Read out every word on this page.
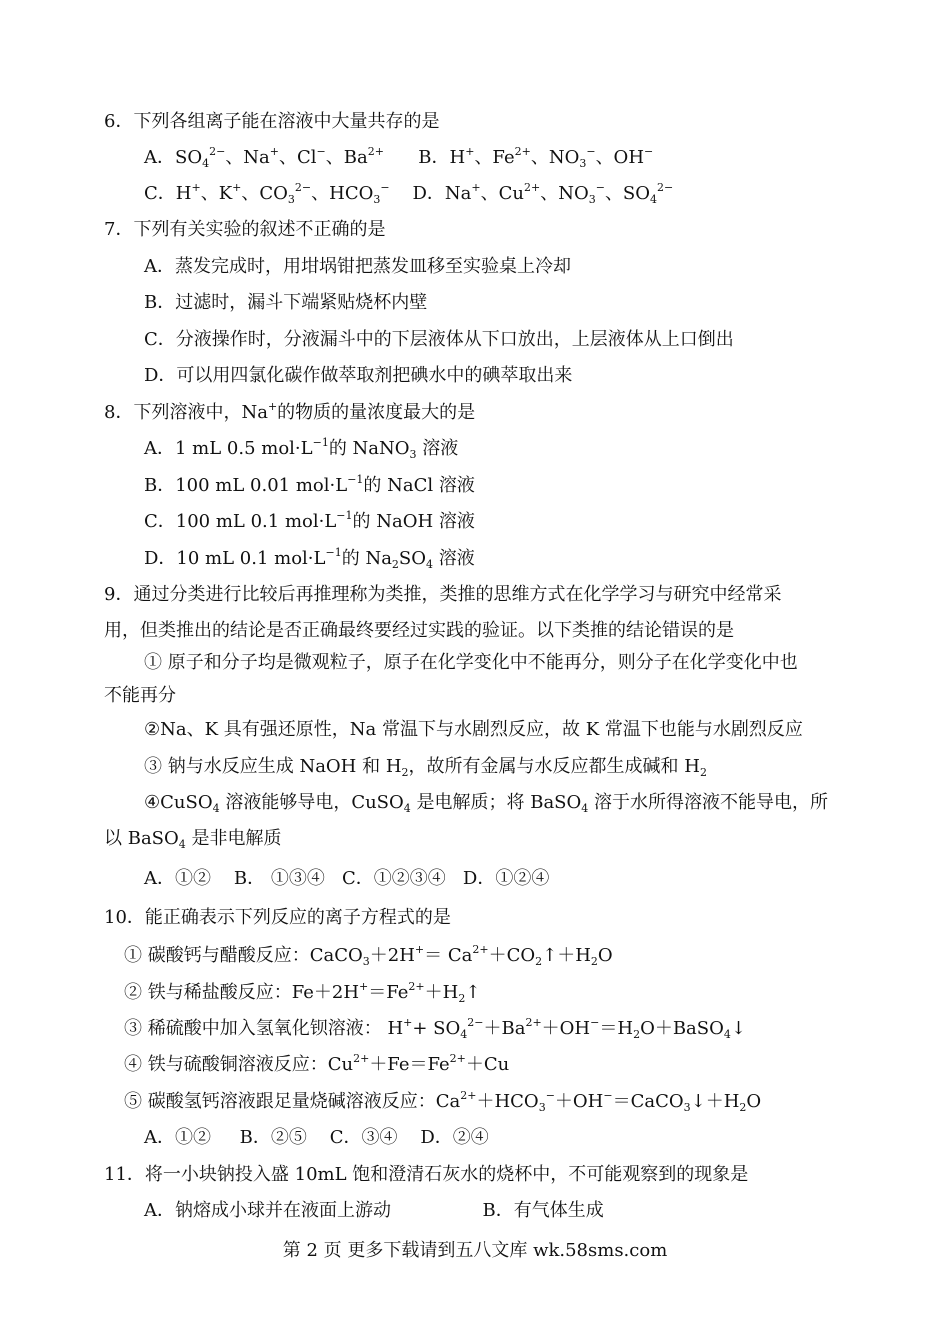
6．下列各组离子能在溶液中大量共存的是
A．$SO_4^{2-}$、Na+、Cl−、$Ba^{2+}$      B．H+、$Fe^{2+}$、$NO_3^-$、OH−
C．H+、K+、$CO_3^{2-}$、$HCO_3^-$    D．Na+、$Cu^{2+}$、$NO_3^-$、$SO_4^{2-}$
7．下列有关实验的叙述不正确的是
A．蒸发完成时，用坩埚钳把蒸发皿移至实验桌上冷却
B．过滤时，漏斗下端紧贴烧杯内壁
C．分液操作时，分液漏斗中的下层液体从下口放出，上层液体从上口倒出
D．可以用四氯化碳作做萃取剂把碘水中的碘萃取出来
8．下列溶液中，Na+的物质的量浓度最大的是
A．1 mL 0.5 $mol\cdot L^{-1}$的 NaNO$_3$ 溶液
B．100 mL 0.01 $mol\cdot L^{-1}$的 NaCl 溶液
C．100 mL 0.1 $mol\cdot L^{-1}$的 NaOH 溶液
D．10 mL 0.1 $mol\cdot L^{-1}$的 $Na_2SO_4$ 溶液
9．通过分类进行比较后再推理称为类推，类推的思维方式在化学学习与研究中经常采
用，但类推出的结论是否正确最终要经过实践的验证。以下类推的结论错误的是
① 原子和分子均是微观粒子，原子在化学变化中不能再分，则分子在化学变化中也
不能再分
②Na、K 具有强还原性，Na 常温下与水剧烈反应，故 K 常温下也能与水剧烈反应
③ 钠与水反应生成 NaOH 和 $H_2$，故所有金属与水反应都生成碱和 $H_2$
④CuSO$_4$ 溶液能够导电，CuSO$_4$ 是电解质；将 BaSO$_4$ 溶于水所得溶液不能导电，所
以 BaSO$_4$ 是非电解质
A．①②    B． ①③④   C．①②③④   D．①②④
10．能正确表示下列反应的离子方程式的是
① 碳酸钙与醋酸反应：CaCO$_3$＋2H+＝ $Ca^{2+}+CO_2↑+H_2O$
② 铁与稀盐酸反应：$Fe+2H^+=Fe^{2+}+H_2↑$
③ 稀硫酸中加入氢氧化钡溶液： $H^++ SO_4^{2-}+Ba^{2+}+OH^-=H_2O+BaSO_4↓$
④ 铁与硫酸铜溶液反应：$Cu^{2+}+Fe=Fe^{2+}+Cu$
⑤ 碳酸氢钙溶液跟足量烧碱溶液反应：$Ca^{2+}+HCO_3^-+OH^-=CaCO_3↓+H_2O$
A．①②     B．②⑤    C．③④    D．②④
11．将一小块钠投入盛 10mL 饱和澄清石灰水的烧杯中，不可能观察到的现象是
A．钠熔成小球并在液面上游动                B．有气体生成
第 2 页 更多下载请到五八文库 wk.58sms.com
